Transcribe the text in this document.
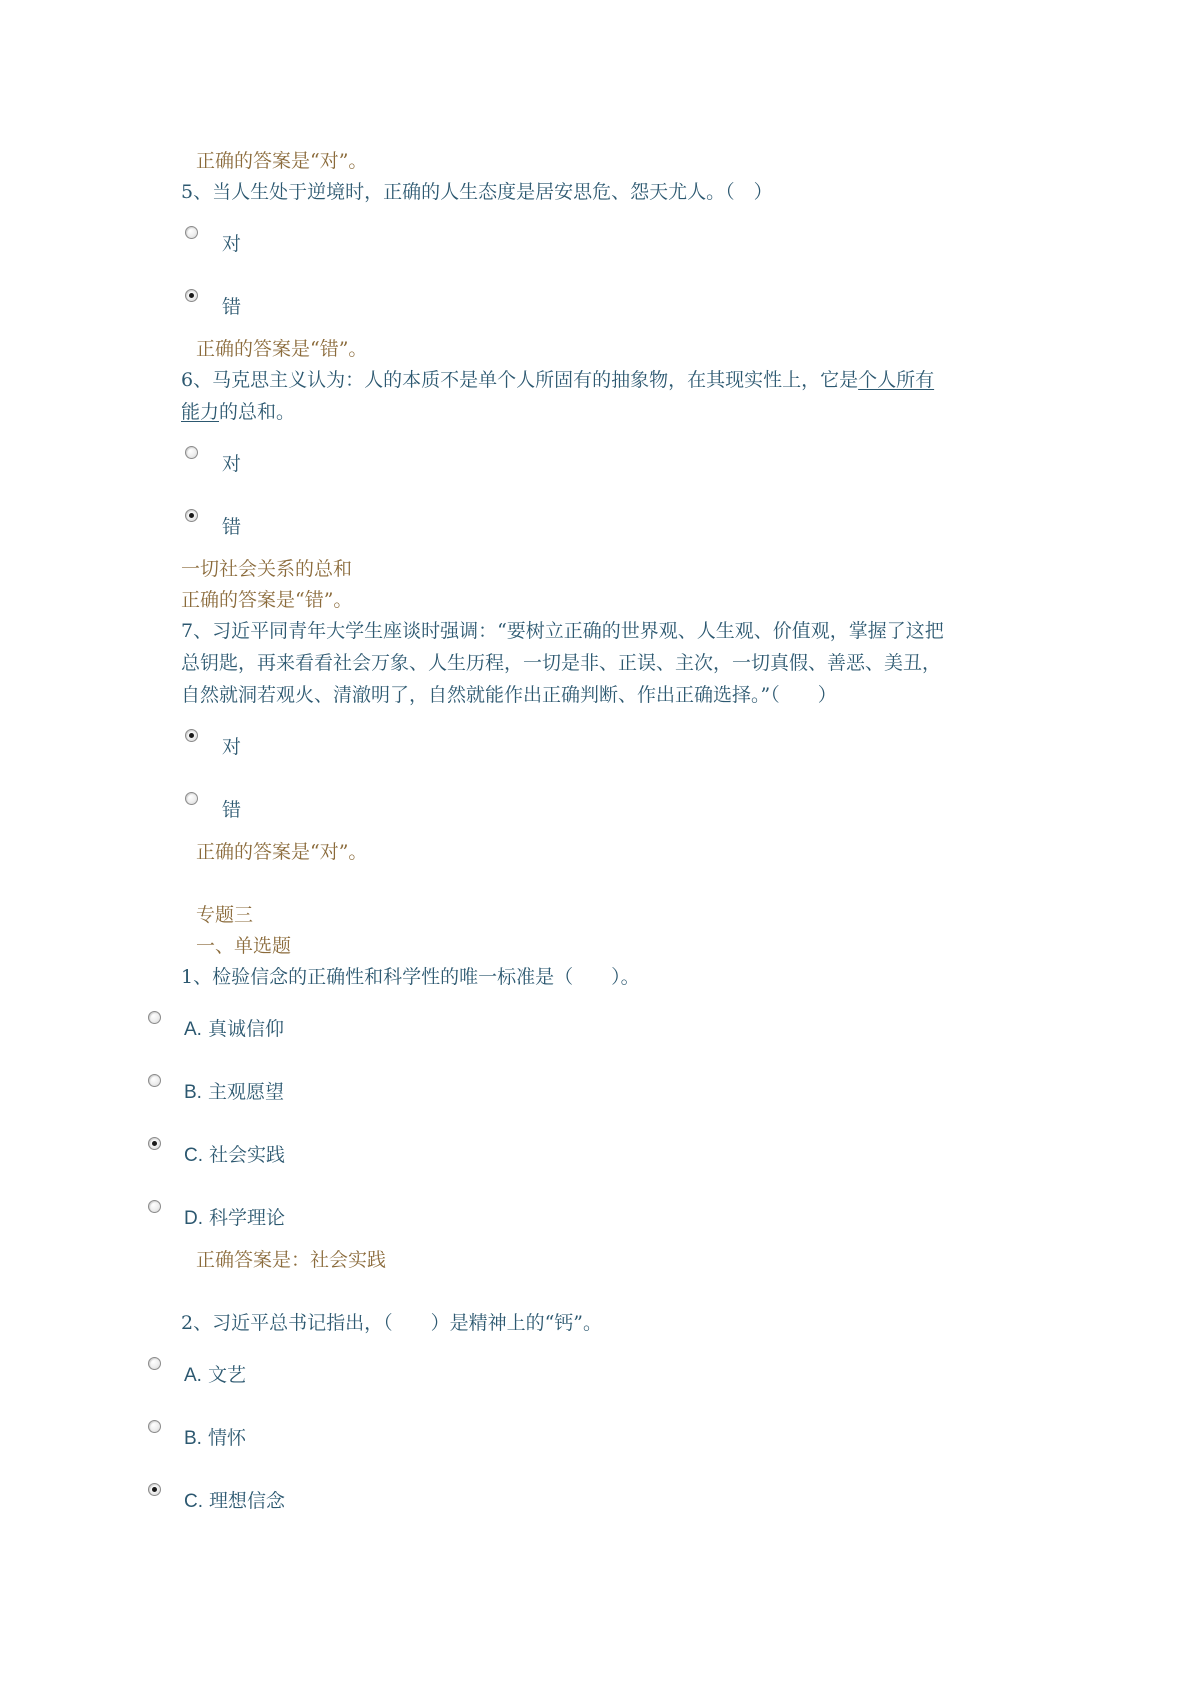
正确的答案是“对”。

5、当人生处于逆境时，正确的人生态度是居安思危、怨天尤人。（　）

对

错

正确的答案是“错”。

6、马克思主义认为：人的本质不是单个人所固有的抽象物，在其现实性上，它是个人所有

能力的总和。

对

错

一切社会关系的总和

正确的答案是“错”。

7、习近平同青年大学生座谈时强调：“要树立正确的世界观、人生观、价值观，掌握了这把

总钥匙，再来看看社会万象、人生历程，一切是非、正误、主次，一切真假、善恶、美丑，

自然就洞若观火、清澈明了，自然就能作出正确判断、作出正确选择。”（　　）

对

错

正确的答案是“对”。

专题三

一、单选题

1、检验信念的正确性和科学性的唯一标准是（　　）。

A. 真诚信仰

B. 主观愿望

C. 社会实践

D. 科学理论

正确答案是：社会实践

2、习近平总书记指出，（　　）是精神上的“钙”。

A. 文艺

B. 情怀

C. 理想信念
